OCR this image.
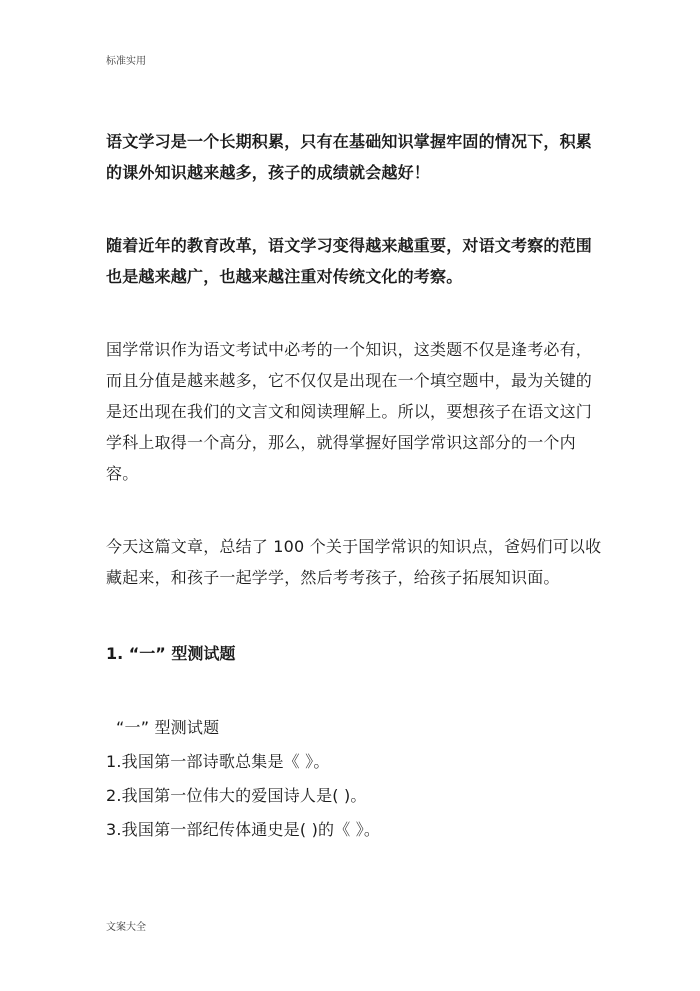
标准实用

语文学习是一个长期积累，只有在基础知识掌握牢固的情况下，积累的课外知识越来越多，孩子的成绩就会越好！

随着近年的教育改革，语文学习变得越来越重要，对语文考察的范围也是越来越广，也越来越注重对传统文化的考察。

国学常识作为语文考试中必考的一个知识，这类题不仅是逢考必有，而且分值是越来越多，它不仅仅是出现在一个填空题中，最为关键的是还出现在我们的文言文和阅读理解上。所以，要想孩子在语文这门学科上取得一个高分，那么，就得掌握好国学常识这部分的一个内容。

今天这篇文章，总结了 100 个关于国学常识的知识点，爸妈们可以收藏起来，和孩子一起学学，然后考考孩子，给孩子拓展知识面。

1. “一” 型测试题

“一” 型测试题
1.我国第一部诗歌总集是《 》。
2.我国第一位伟大的爱国诗人是( )。
3.我国第一部纪传体通史是( )的《 》。
文案大全
